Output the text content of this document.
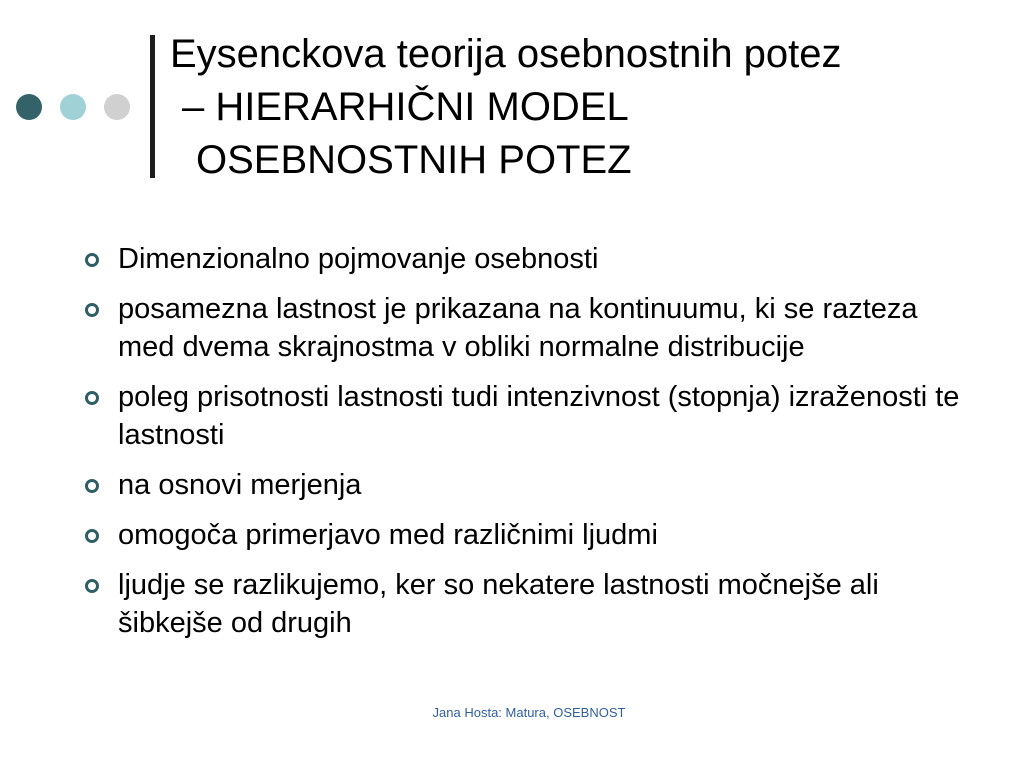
Eysenckova teorija osebnostnih potez
– HIERARHIČNI MODEL
OSEBNOSTNIH POTEZ
Dimenzionalno pojmovanje osebnosti
posamezna lastnost je prikazana na kontinuumu, ki se razteza med dvema skrajnostma v obliki normalne distribucije
poleg prisotnosti lastnosti tudi intenzivnost (stopnja) izraženosti te lastnosti
na osnovi merjenja
omogoča primerjavo med različnimi ljudmi
ljudje se razlikujemo, ker so nekatere lastnosti močnejše ali šibkejše od drugih
Jana Hosta: Matura, OSEBNOST
